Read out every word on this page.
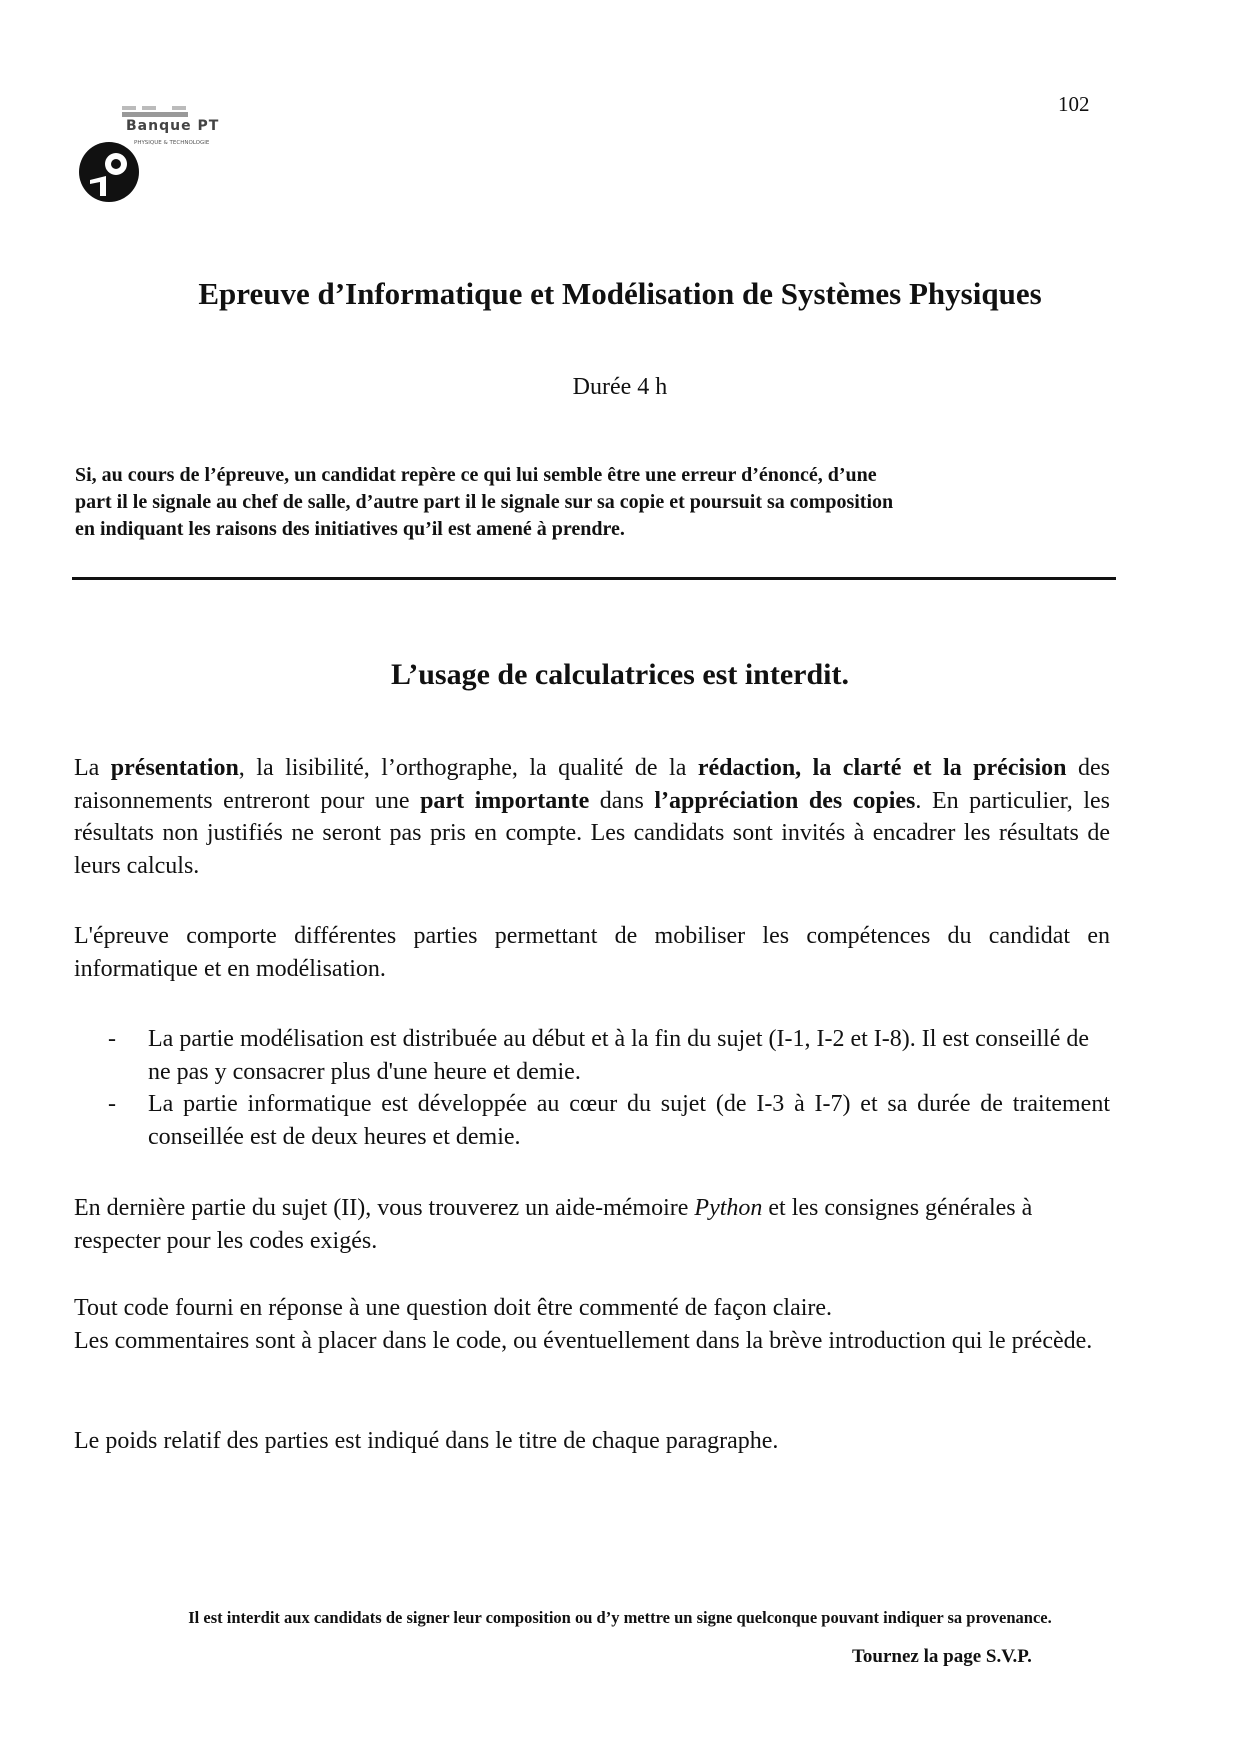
Banque PT
PHYSIQUE & TECHNOLOGIE
102
Epreuve d’Informatique et Modélisation de Systèmes Physiques
Durée 4 h
Si, au cours de l’épreuve, un candidat repère ce qui lui semble être une erreur d’énoncé, d’une
part il le signale au chef de salle, d’autre part il le signale sur sa copie et poursuit sa composition
en indiquant les raisons des initiatives qu’il est amené à prendre.
L’usage de calculatrices est interdit.
La présentation, la lisibilité, l’orthographe, la qualité de la rédaction, la clarté et la précision des raisonnements entreront pour une part importante dans l’appréciation des copies. En particulier, les résultats non justifiés ne seront pas pris en compte. Les candidats sont invités à encadrer les résultats de leurs calculs.
L'épreuve comporte différentes parties permettant de mobiliser les compétences du candidat en informatique et en modélisation.
- La partie modélisation est distribuée au début et à la fin du sujet (I-1, I-2 et I-8). Il est conseillé de ne pas y consacrer plus d'une heure et demie.
- La partie informatique est développée au cœur du sujet (de I-3 à I-7) et sa durée de traitement conseillée est de deux heures et demie.
En dernière partie du sujet (II), vous trouverez un aide-mémoire Python et les consignes générales à respecter pour les codes exigés.
Tout code fourni en réponse à une question doit être commenté de façon claire.
Les commentaires sont à placer dans le code, ou éventuellement dans la brève introduction qui le précède.
Le poids relatif des parties est indiqué dans le titre de chaque paragraphe.
Il est interdit aux candidats de signer leur composition ou d’y mettre un signe quelconque pouvant indiquer sa provenance.
Tournez la page S.V.P.
